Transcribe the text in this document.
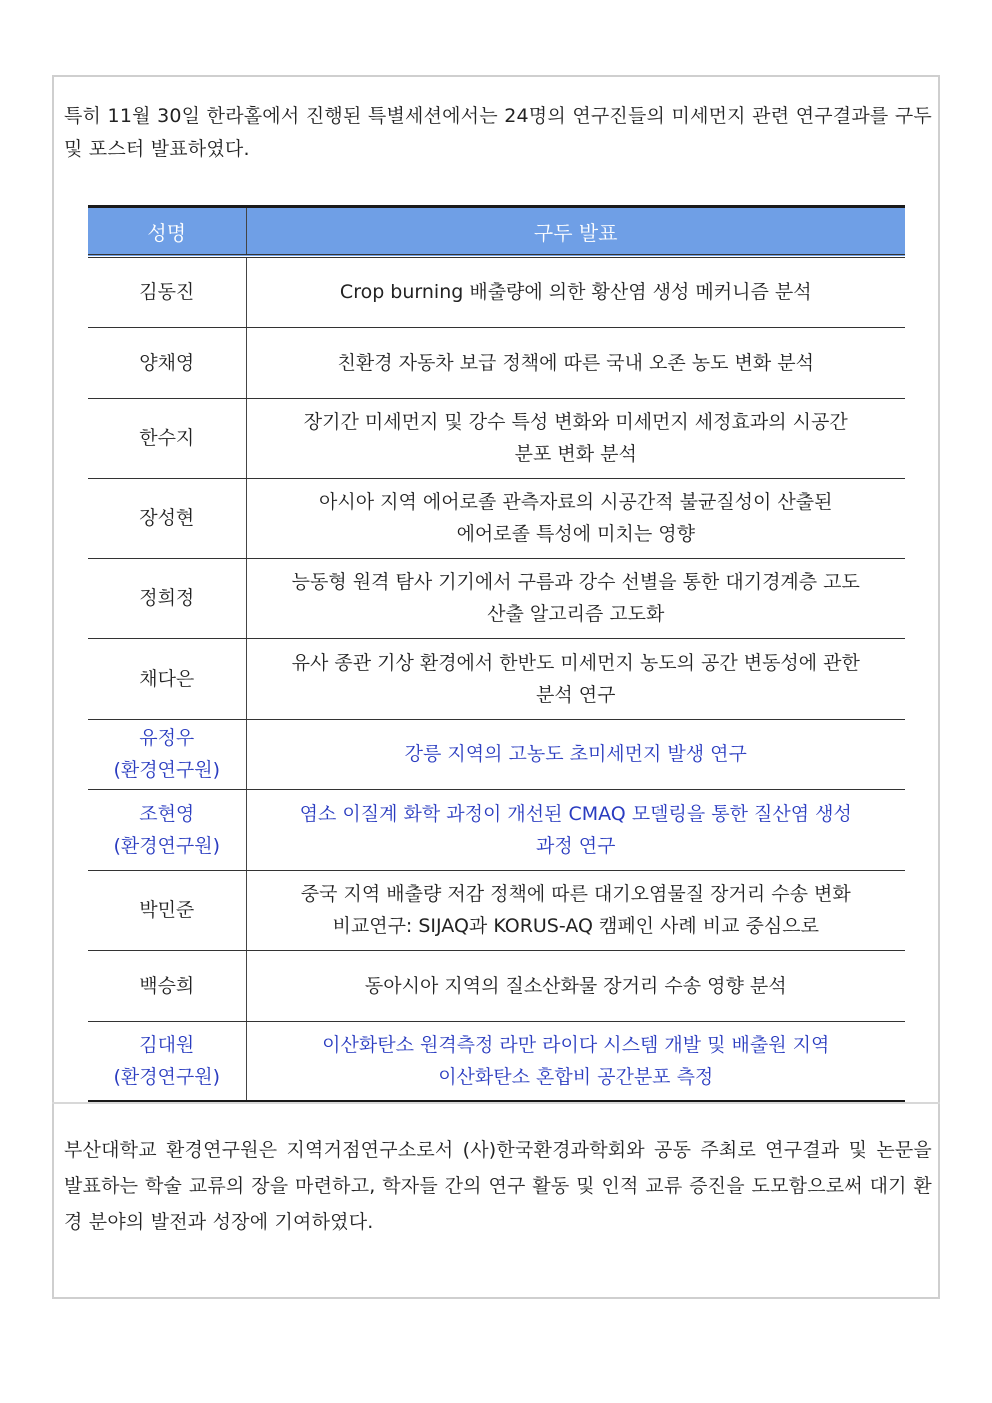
특히 11월 30일 한라홀에서 진행된 특별세션에서는 24명의 연구진들의 미세먼지 관련 연구결과를 구두 및 포스터 발표하였다.

성명	구두 발표
김동진	Crop burning 배출량에 의한 황산염 생성 메커니즘 분석
양채영	친환경 자동차 보급 정책에 따른 국내 오존 농도 변화 분석
한수지	장기간 미세먼지 및 강수 특성 변화와 미세먼지 세정효과의 시공간
분포 변화 분석
장성현	아시아 지역 에어로졸 관측자료의 시공간적 불균질성이 산출된
에어로졸 특성에 미치는 영향
정희정	능동형 원격 탐사 기기에서 구름과 강수 선별을 통한 대기경계층 고도
산출 알고리즘 고도화
채다은	유사 종관 기상 환경에서 한반도 미세먼지 농도의 공간 변동성에 관한
분석 연구
유정우
(환경연구원)	강릉 지역의 고농도 초미세먼지 발생 연구
조현영
(환경연구원)	염소 이질계 화학 과정이 개선된 CMAQ 모델링을 통한 질산염 생성
과정 연구
박민준	중국 지역 배출량 저감 정책에 따른 대기오염물질 장거리 수송 변화
비교연구: SIJAQ과 KORUS-AQ 캠페인 사례 비교 중심으로
백승희	동아시아 지역의 질소산화물 장거리 수송 영향 분석
김대원
(환경연구원)	이산화탄소 원격측정 라만 라이다 시스템 개발 및 배출원 지역
이산화탄소 혼합비 공간분포 측정

부산대학교 환경연구원은 지역거점연구소로서 (사)한국환경과학회와 공동 주최로 연구결과 및 논문을 발표하는 학술 교류의 장을 마련하고, 학자들 간의 연구 활동 및 인적 교류 증진을 도모함으로써 대기 환경 분야의 발전과 성장에 기여하였다.
